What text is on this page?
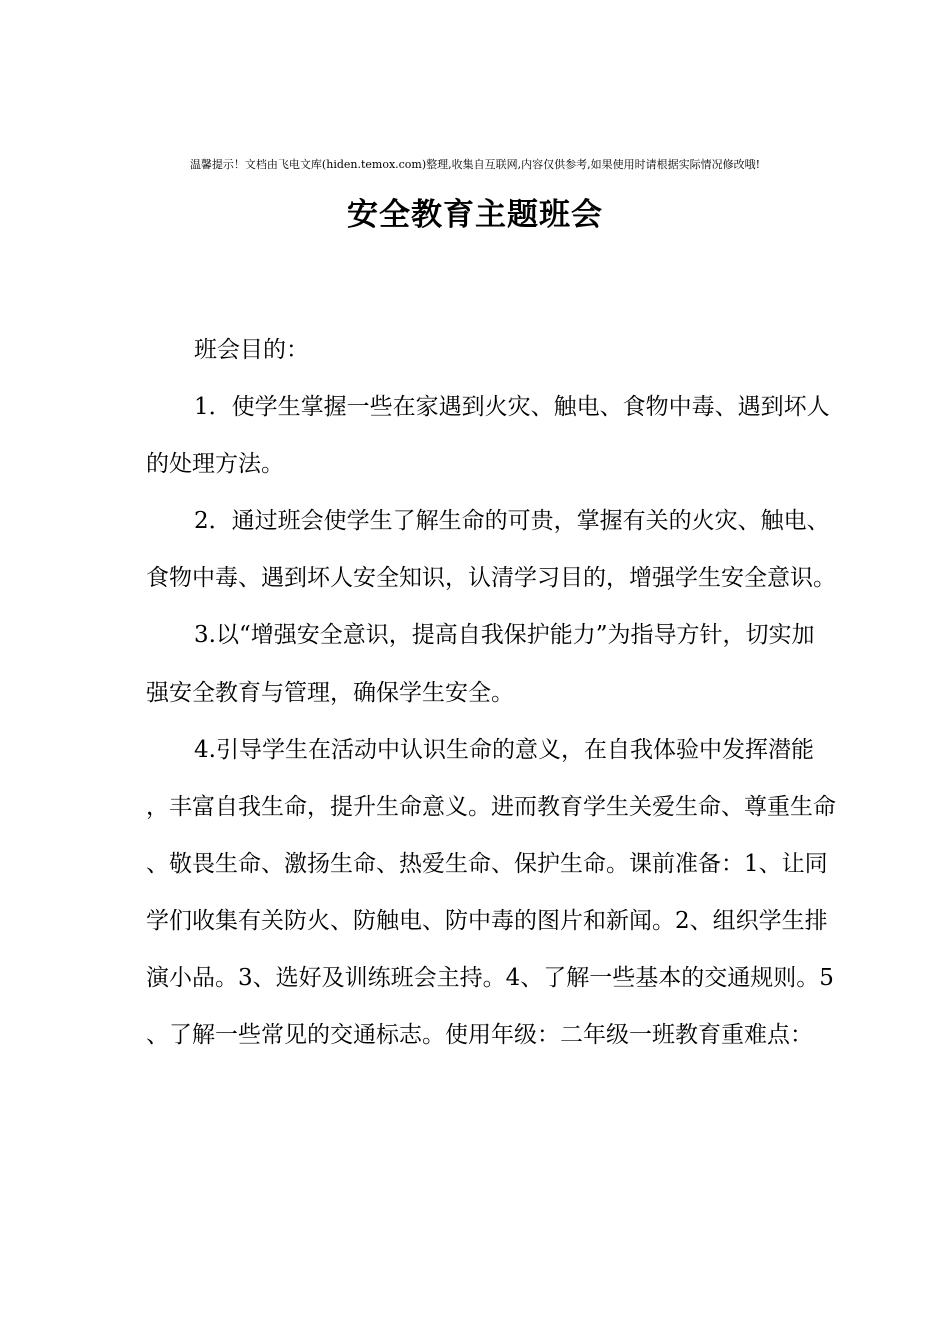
温馨提示！文档由飞电文库(hiden.temox.com)整理,收集自互联网,内容仅供参考,如果使用时请根据实际情况修改哦!
安全教育主题班会

班会目的：

1．使学生掌握一些在家遇到火灾、触电、食物中毒、遇到坏人的处理方法。

2．通过班会使学生了解生命的可贵，掌握有关的火灾、触电、食物中毒、遇到坏人安全知识，认清学习目的，增强学生安全意识。

3.以“增强安全意识，提高自我保护能力”为指导方针，切实加强安全教育与管理，确保学生安全。

4.引导学生在活动中认识生命的意义，在自我体验中发挥潜能，丰富自我生命，提升生命意义。进而教育学生关爱生命、尊重生命、敬畏生命、激扬生命、热爱生命、保护生命。课前准备：1、让同学们收集有关防火、防触电、防中毒的图片和新闻。2、组织学生排演小品。3、选好及训练班会主持。4、了解一些基本的交通规则。5、了解一些常见的交通标志。使用年级：二年级一班教育重难点：
